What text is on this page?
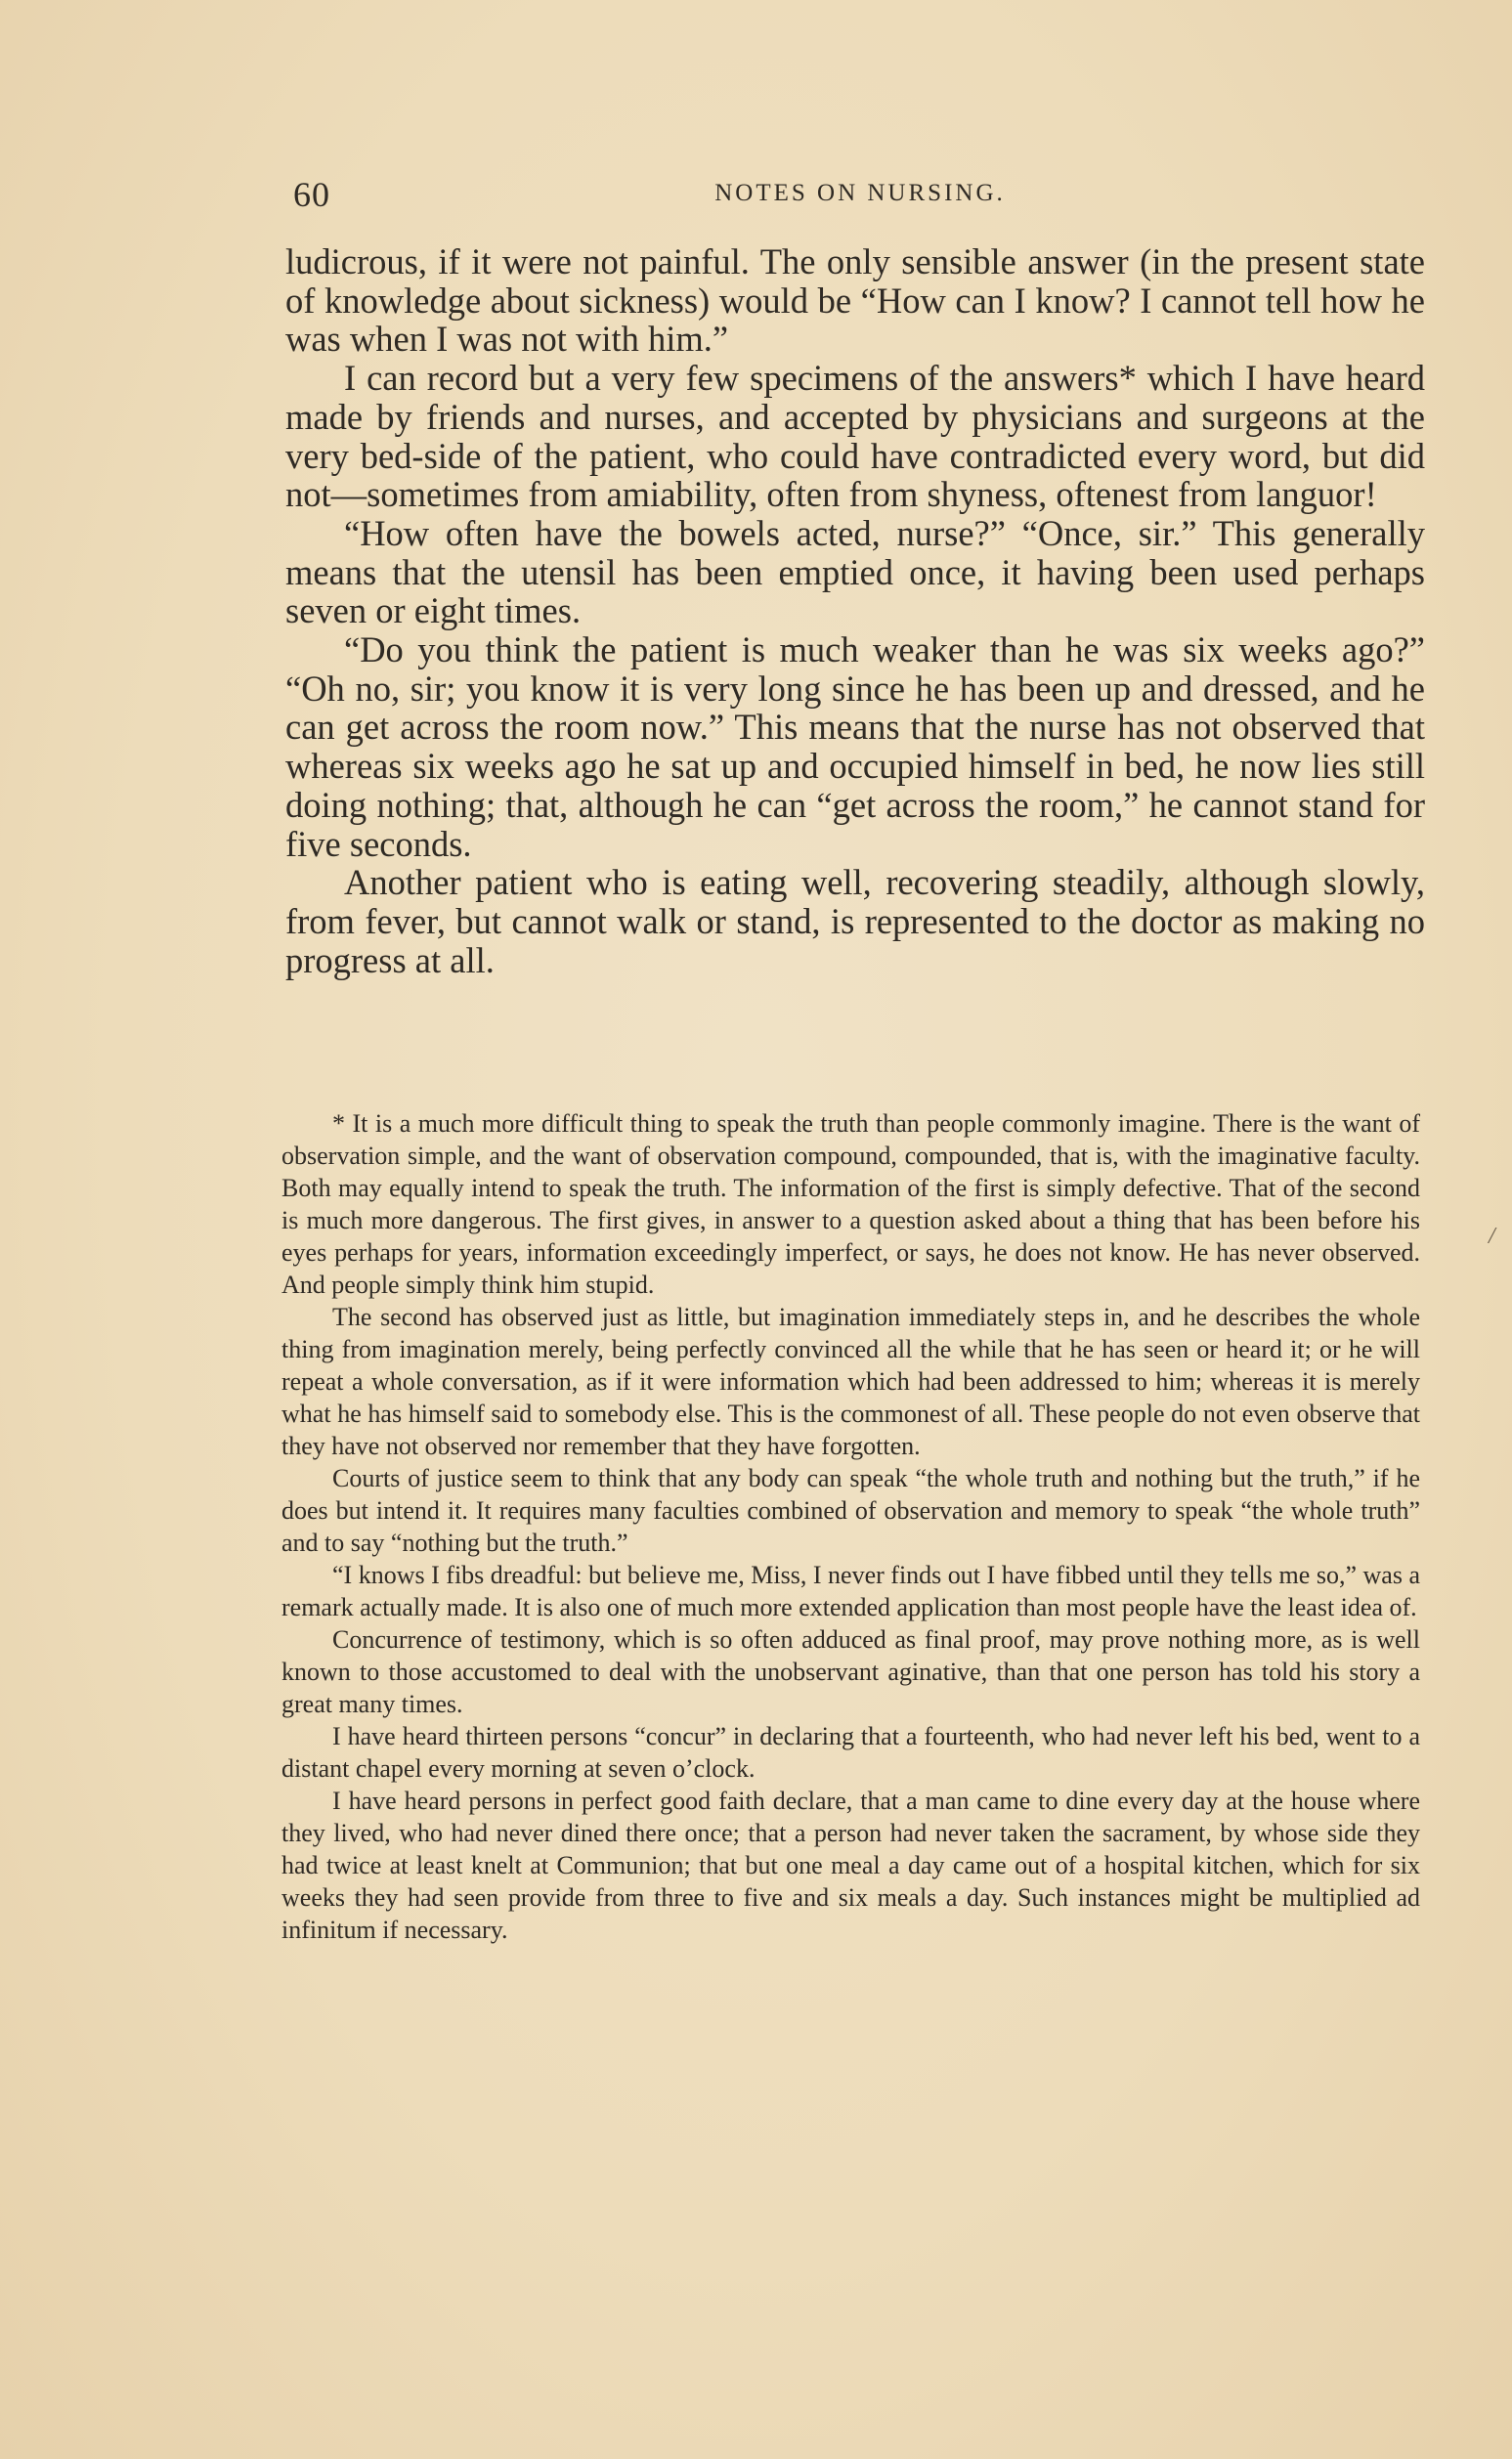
60	NOTES ON NURSING.

ludicrous, if it were not painful. The only sensible answer (in the present state of knowledge about sickness) would be “How can I know? I cannot tell how he was when I was not with him.”

I can record but a very few specimens of the answers* which I have heard made by friends and nurses, and accepted by physicians and surgeons at the very bed-side of the patient, who could have contradicted every word, but did not—sometimes from amiability, often from shyness, oftenest from languor!

“How often have the bowels acted, nurse?” “Once, sir.” This generally means that the utensil has been emptied once, it having been used perhaps seven or eight times.

“Do you think the patient is much weaker than he was six weeks ago?” “Oh no, sir; you know it is very long since he has been up and dressed, and he can get across the room now.” This means that the nurse has not observed that whereas six weeks ago he sat up and occupied himself in bed, he now lies still doing nothing; that, although he can “get across the room,” he cannot stand for five seconds.

Another patient who is eating well, recovering steadily, although slowly, from fever, but cannot walk or stand, is represented to the doctor as making no progress at all.

* It is a much more difficult thing to speak the truth than people commonly imagine. There is the want of observation simple, and the want of observation compound, compounded, that is, with the imaginative faculty. Both may equally intend to speak the truth. The information of the first is simply defective. That of the second is much more dangerous. The first gives, in answer to a question asked about a thing that has been before his eyes perhaps for years, information exceedingly imperfect, or says, he does not know. He has never observed. And people simply think him stupid.

The second has observed just as little, but imagination immediately steps in, and he describes the whole thing from imagination merely, being perfectly convinced all the while that he has seen or heard it; or he will repeat a whole conversation, as if it were information which had been addressed to him; whereas it is merely what he has himself said to somebody else. This is the commonest of all. These people do not even observe that they have not observed nor remember that they have forgotten.

Courts of justice seem to think that any body can speak “the whole truth and nothing but the truth,” if he does but intend it. It requires many faculties combined of observation and memory to speak “the whole truth” and to say “nothing but the truth.”

“I knows I fibs dreadful: but believe me, Miss, I never finds out I have fibbed until they tells me so,” was a remark actually made. It is also one of much more extended application than most people have the least idea of.

Concurrence of testimony, which is so often adduced as final proof, may prove nothing more, as is well known to those accustomed to deal with the unobservant aginative, than that one person has told his story a great many times.

I have heard thirteen persons “concur” in declaring that a fourteenth, who had never left his bed, went to a distant chapel every morning at seven o’clock.

I have heard persons in perfect good faith declare, that a man came to dine every day at the house where they lived, who had never dined there once; that a person had never taken the sacrament, by whose side they had twice at least knelt at Communion; that but one meal a day came out of a hospital kitchen, which for six weeks they had seen provide from three to five and six meals a day. Such instances might be multiplied ad infinitum if necessary.

/
